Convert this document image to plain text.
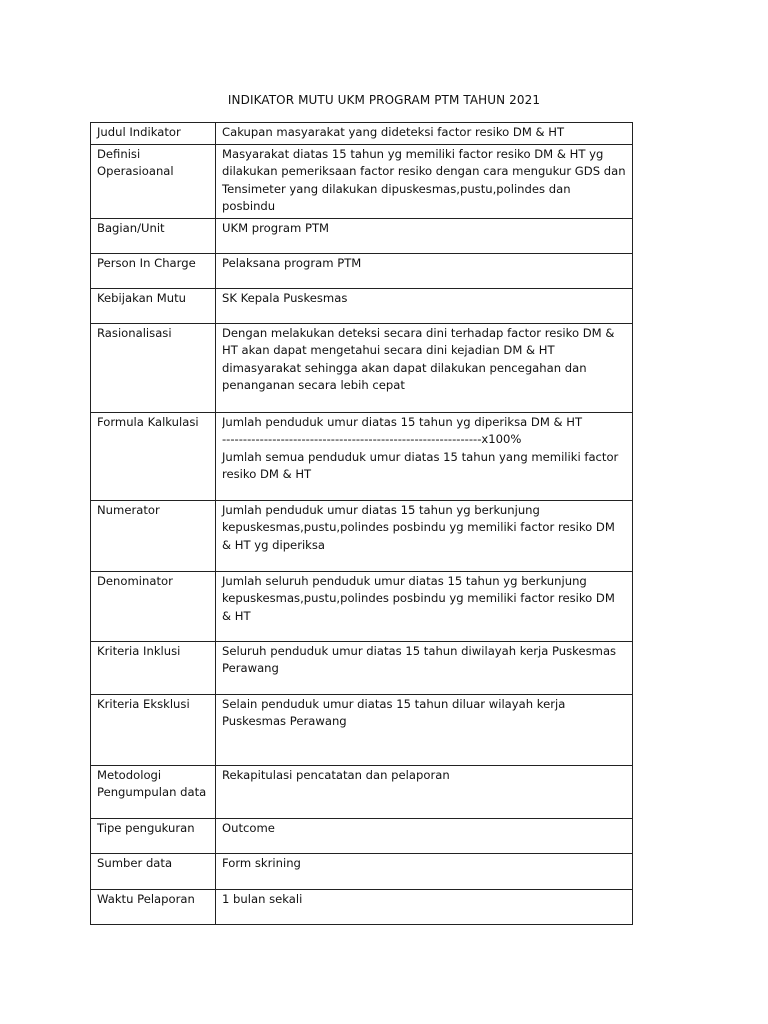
INDIKATOR MUTU UKM PROGRAM PTM TAHUN 2021
Judul Indikator	Cakupan masyarakat yang dideteksi factor resiko DM & HT
Definisi Operasioanal	Masyarakat diatas 15 tahun yg memiliki factor resiko DM & HT yg dilakukan pemeriksaan factor resiko dengan cara mengukur GDS dan Tensimeter yang dilakukan dipuskesmas,pustu,polindes dan posbindu
Bagian/Unit	UKM program PTM
Person In Charge	Pelaksana program PTM
Kebijakan Mutu	SK Kepala Puskesmas
Rasionalisasi	Dengan melakukan deteksi secara dini terhadap factor resiko DM & HT akan dapat mengetahui secara dini kejadian DM & HT dimasyarakat sehingga akan dapat dilakukan pencegahan dan penanganan secara lebih cepat
Formula Kalkulasi	Jumlah penduduk umur diatas 15 tahun yg diperiksa DM & HT
--------------------------------------------------------------x100%
Jumlah semua penduduk umur diatas 15 tahun yang memiliki factor resiko DM & HT
Numerator	Jumlah penduduk umur diatas 15 tahun yg berkunjung kepuskesmas,pustu,polindes posbindu yg memiliki factor resiko DM & HT yg diperiksa
Denominator	Jumlah seluruh penduduk umur diatas 15 tahun yg berkunjung kepuskesmas,pustu,polindes posbindu yg memiliki factor resiko DM & HT
Kriteria Inklusi	Seluruh penduduk umur diatas 15 tahun diwilayah kerja Puskesmas Perawang
Kriteria Eksklusi	Selain penduduk umur diatas 15 tahun diluar wilayah kerja Puskesmas Perawang
Metodologi Pengumpulan data	Rekapitulasi pencatatan dan pelaporan
Tipe pengukuran	Outcome
Sumber data	Form skrining
Waktu Pelaporan	1 bulan sekali
